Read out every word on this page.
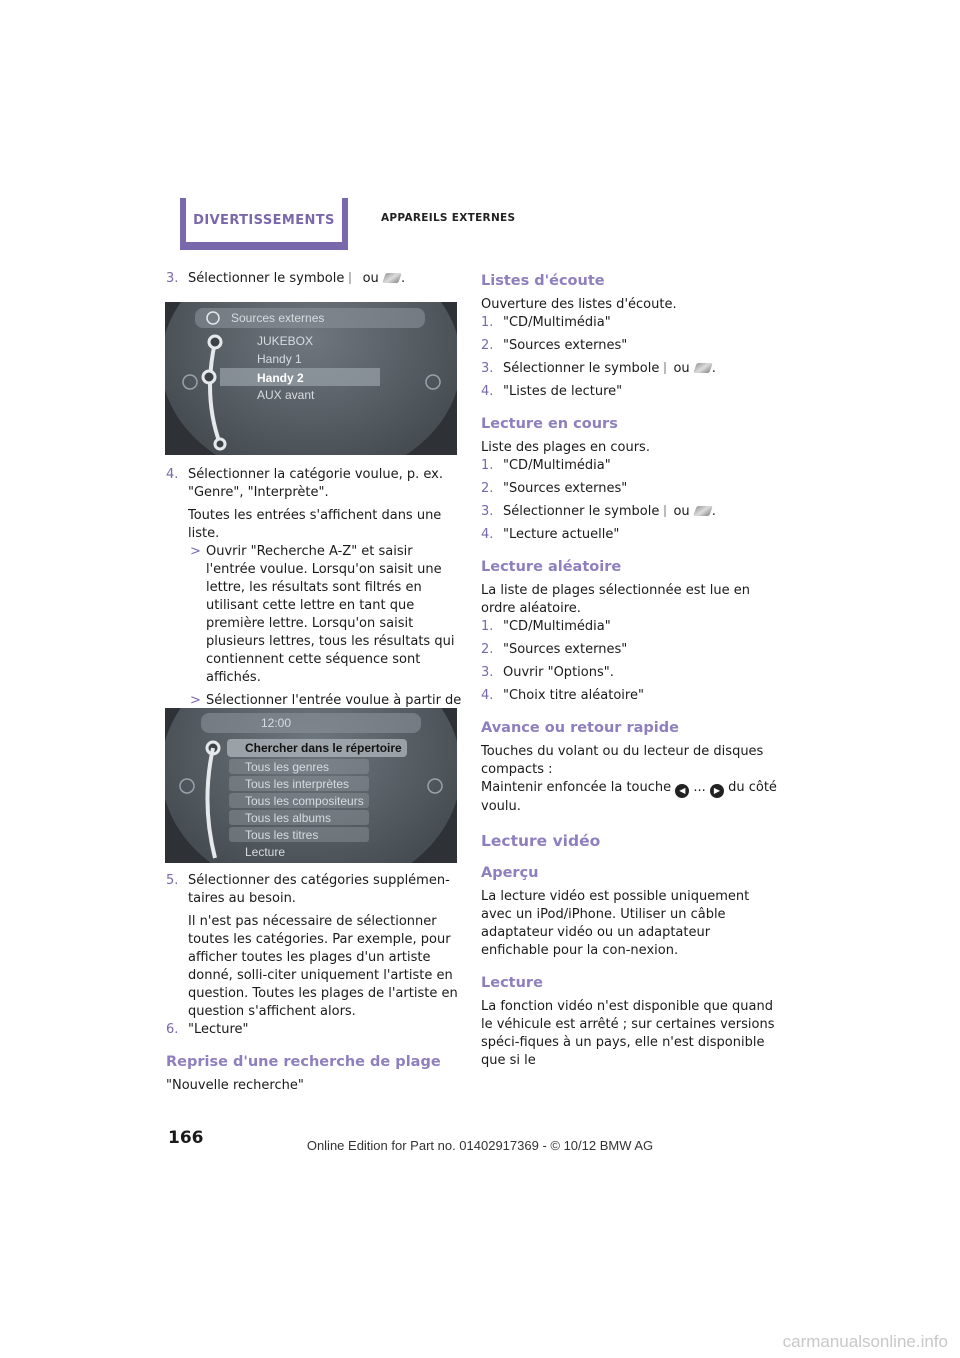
DIVERTISSEMENTS	APPAREILS EXTERNES
3. Sélectionner le symbole ou .
Sources externes
JUKEBOX
Handy 1
Handy 2
AUX avant
4. Sélectionner la catégorie voulue, p. ex. "Genre", "Interprète".

Toutes les entrées s'affichent dans une liste.

> Ouvrir "Recherche A-Z" et saisir l'entrée voulue. Lorsqu'on saisit une lettre, les résultats sont filtrés en utilisant cette lettre en tant que première lettre. Lorsqu'on saisit plusieurs lettres, tous les résultats qui contiennent cette séquence sont affichés.
> Sélectionner l'entrée voulue à partir de
12:00
Chercher dans le répertoire
Tous les genres
Tous les interprètes
Tous les compositeurs
Tous les albums
Tous les titres
Lecture
5. Sélectionner des catégories supplémen-taires au besoin.

Il n'est pas nécessaire de sélectionner toutes les catégories. Par exemple, pour afficher toutes les plages d'un artiste donné, solli-citer uniquement l'artiste en question. Toutes les plages de l'artiste en question s'affichent alors.

6. "Lecture"
Reprise d'une recherche de plage

"Nouvelle recherche"

Listes d'écoute

Ouverture des listes d'écoute.

1. "CD/Multimédia"
2. "Sources externes"
3. Sélectionner le symbole ou .
4. "Listes de lecture"
Lecture en cours

Liste des plages en cours.

1. "CD/Multimédia"
2. "Sources externes"
3. Sélectionner le symbole ou .
4. "Lecture actuelle"
Lecture aléatoire

La liste de plages sélectionnée est lue en ordre aléatoire.

1. "CD/Multimédia"
2. "Sources externes"
3. Ouvrir "Options".
4. "Choix titre aléatoire"
Avance ou retour rapide

Touches du volant ou du lecteur de disques compacts :

Maintenir enfoncée la touche ◀ ... ▶ du côté voulu.

Lecture vidéo
Aperçu

La lecture vidéo est possible uniquement avec un iPod/iPhone. Utiliser un câble adaptateur vidéo ou un adaptateur enfichable pour la con-nexion.

Lecture

La fonction vidéo n'est disponible que quand le véhicule est arrêté ; sur certaines versions spéci-fiques à un pays, elle n'est disponible que si le

166	Online Edition for Part no. 01402917369 - © 10/12 BMW AG
carmanualsonline.info
